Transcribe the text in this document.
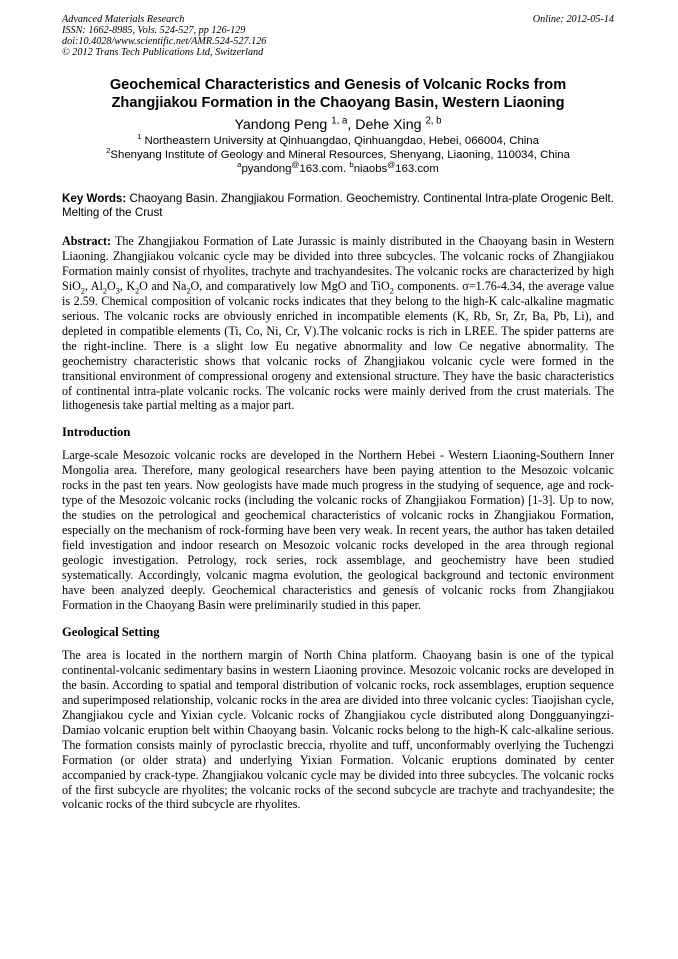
Advanced Materials Research
ISSN: 1662-8985, Vols. 524-527, pp 126-129
doi:10.4028/www.scientific.net/AMR.524-527.126
© 2012 Trans Tech Publications Ltd, Switzerland
Online: 2012-05-14
Geochemical Characteristics and Genesis of Volcanic Rocks from
Zhangjiakou Formation in the Chaoyang Basin, Western Liaoning
Yandong Peng $^{1, a}$, Dehe Xing $^{2, b}$
$^1$ Northeastern University at Qinhuangdao, Qinhuangdao, Hebei, 066004, China
$^2$Shenyang Institute of Geology and Mineral Resources, Shenyang, Liaoning, 110034, China
$^a$pyandong@163.com. $^b$niaobs@163.com
Key Words: Chaoyang Basin. Zhangjiakou Formation. Geochemistry. Continental Intra-plate Orogenic Belt. Melting of the Crust
Abstract: The Zhangjiakou Formation of Late Jurassic is mainly distributed in the Chaoyang basin in Western Liaoning. Zhangjiakou volcanic cycle may be divided into three subcycles. The volcanic rocks of Zhangjiakou Formation mainly consist of rhyolites, trachyte and trachyandesites. The volcanic rocks are characterized by high SiO$_2$, $Al_2O_3$, $K_2O$ and $Na_2O$, and comparatively low MgO and TiO$_2$ components. σ=1.76-4.34, the average value is 2.59. Chemical composition of volcanic rocks indicates that they belong to the high-K calc-alkaline magmatic serious. The volcanic rocks are obviously enriched in incompatible elements (K, Rb, Sr, Zr, Ba, Pb, Li), and depleted in compatible elements (Ti, Co, Ni, Cr, V).The volcanic rocks is rich in LREE. The spider patterns are the right-incline. There is a slight low Eu negative abnormality and low Ce negative abnormality. The geochemistry characteristic shows that volcanic rocks of Zhangjiakou volcanic cycle were formed in the transitional environment of compressional orogeny and extensional structure. They have the basic characteristics of continental intra-plate volcanic rocks. The volcanic rocks were mainly derived from the crust materials. The lithogenesis take partial melting as a major part.
Introduction
Large-scale Mesozoic volcanic rocks are developed in the Northern Hebei - Western Liaoning-Southern Inner Mongolia area. Therefore, many geological researchers have been paying attention to the Mesozoic volcanic rocks in the past ten years. Now geologists have made much progress in the studying of sequence, age and rock-type of the Mesozoic volcanic rocks (including the volcanic rocks of Zhangjiakou Formation) [1-3]. Up to now, the studies on the petrological and geochemical characteristics of volcanic rocks in Zhangjiakou Formation, especially on the mechanism of rock-forming have been very weak. In recent years, the author has taken detailed field investigation and indoor research on Mesozoic volcanic rocks developed in the area through regional geologic investigation. Petrology, rock series, rock assemblage, and geochemistry have been studied systematically. Accordingly, volcanic magma evolution, the geological background and tectonic environment have been analyzed deeply. Geochemical characteristics and genesis of volcanic rocks from Zhangjiakou Formation in the Chaoyang Basin were preliminarily studied in this paper.
Geological Setting
The area is located in the northern margin of North China platform. Chaoyang basin is one of the typical continental-volcanic sedimentary basins in western Liaoning province. Mesozoic volcanic rocks are developed in the basin. According to spatial and temporal distribution of volcanic rocks, rock assemblages, eruption sequence and superimposed relationship, volcanic rocks in the area are divided into three volcanic cycles: Tiaojishan cycle, Zhangjiakou cycle and Yixian cycle. Volcanic rocks of Zhangjiakou cycle distributed along Dongguanyingzi-Damiao volcanic eruption belt within Chaoyang basin. Volcanic rocks belong to the high-K calc-alkaline serious. The formation consists mainly of pyroclastic breccia, rhyolite and tuff, unconformably overlying the Tuchengzi Formation (or older strata) and underlying Yixian Formation. Volcanic eruptions dominated by center accompanied by crack-type. Zhangjiakou volcanic cycle may be divided into three subcycles. The volcanic rocks of the first subcycle are rhyolites; the volcanic rocks of the second subcycle are trachyte and trachyandesite; the volcanic rocks of the third subcycle are rhyolites.
